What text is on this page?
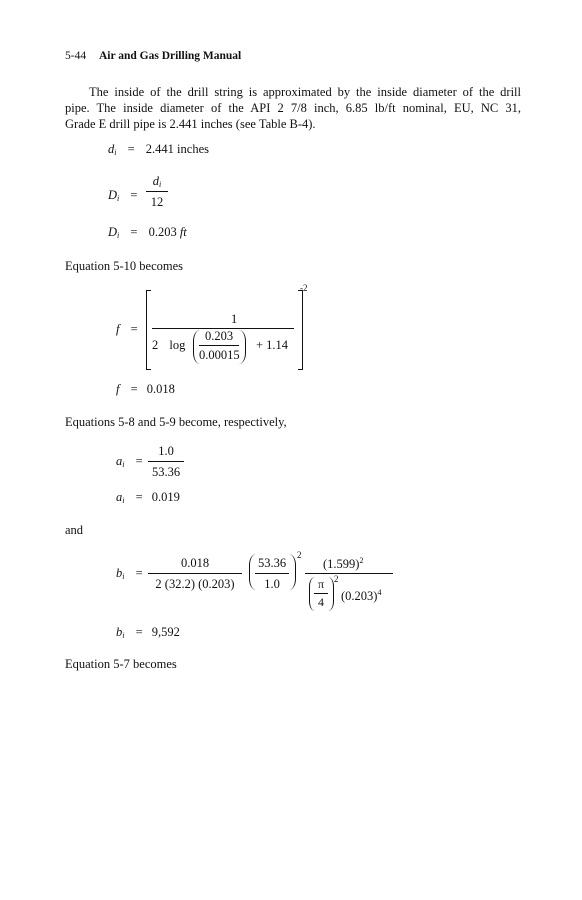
5-44 Air and Gas Drilling Manual
The inside of the drill string is approximated by the inside diameter of the drill
pipe. The inside diameter of the API 2 7/8 inch, 6.85 lb/ft nominal, EU, NC 31,
Grade E drill pipe is 2.441 inches (see Table B-4).
$d_i = 2.441$ inches
$D_i$ =
$d_i$
12
$D_i = 0.203$ ft
Equation 5-10 becomes
f =
-2
1
2 log
0.203
0.00015
+ 1.14
f = 0.018
Equations 5-8 and 5-9 become, respectively,
$a_i$ =
1.0
53.36
$a_i = 0.019$
and
$b_i$ =
0.018
2 (32.2) (0.203)
53.36
1.0
2
$(1.599)^2$
π
4
2
$(0.203)^4$
$b_i = 9,592$
Equation 5-7 becomes
